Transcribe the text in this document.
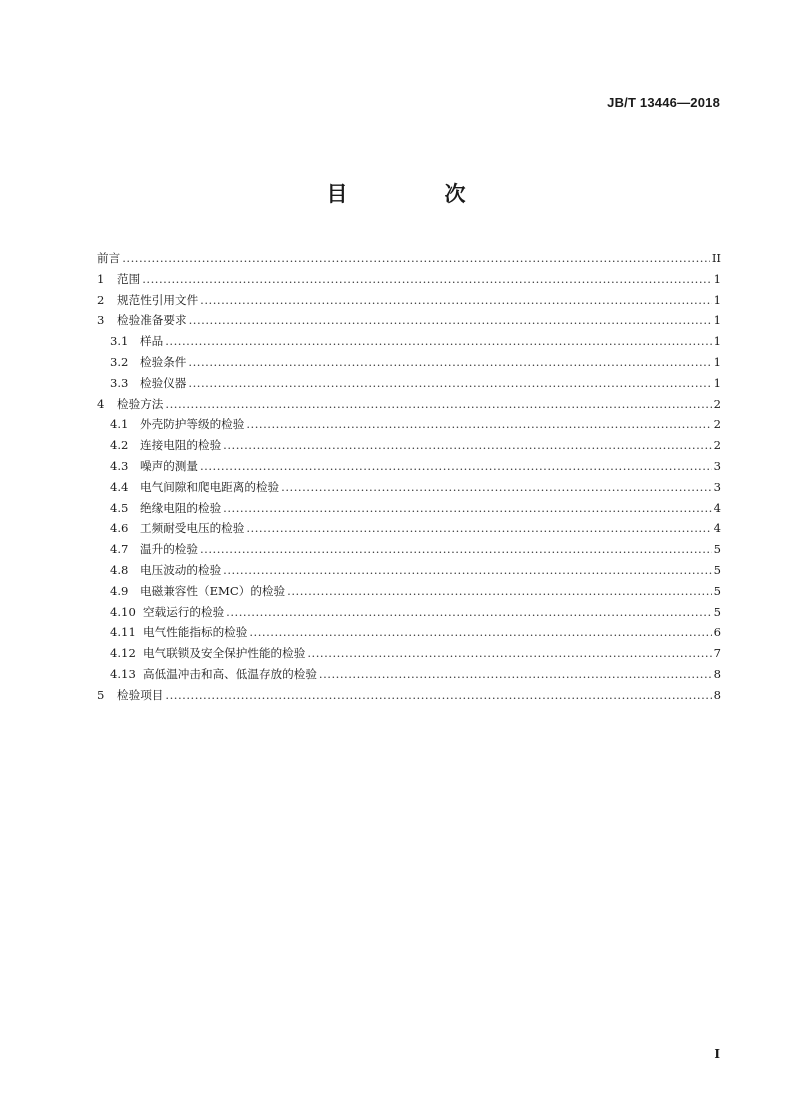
JB/T 13446—2018
目　次
前言 .....	II
1	范围 .....	1
2	规范性引用文件 .....	1
3	检验准备要求 .....	1
3.1 样品 .....	1
3.2 检验条件 .....	1
3.3 检验仪器 .....	1
4	检验方法 .....	2
4.1 外壳防护等级的检验 .....	2
4.2 连接电阻的检验 .....	2
4.3 噪声的测量 .....	3
4.4 电气间隙和爬电距离的检验 .....	3
4.5 绝缘电阻的检验 .....	4
4.6 工频耐受电压的检验 .....	4
4.7 温升的检验 .....	5
4.8 电压波动的检验 .....	5
4.9 电磁兼容性（EMC）的检验 .....	5
4.10 空载运行的检验 .....	5
4.11 电气性能指标的检验 .....	6
4.12 电气联锁及安全保护性能的检验 .....	7
4.13 高低温冲击和高、低温存放的检验 .....	8
5	检验项目 .....	8
I
